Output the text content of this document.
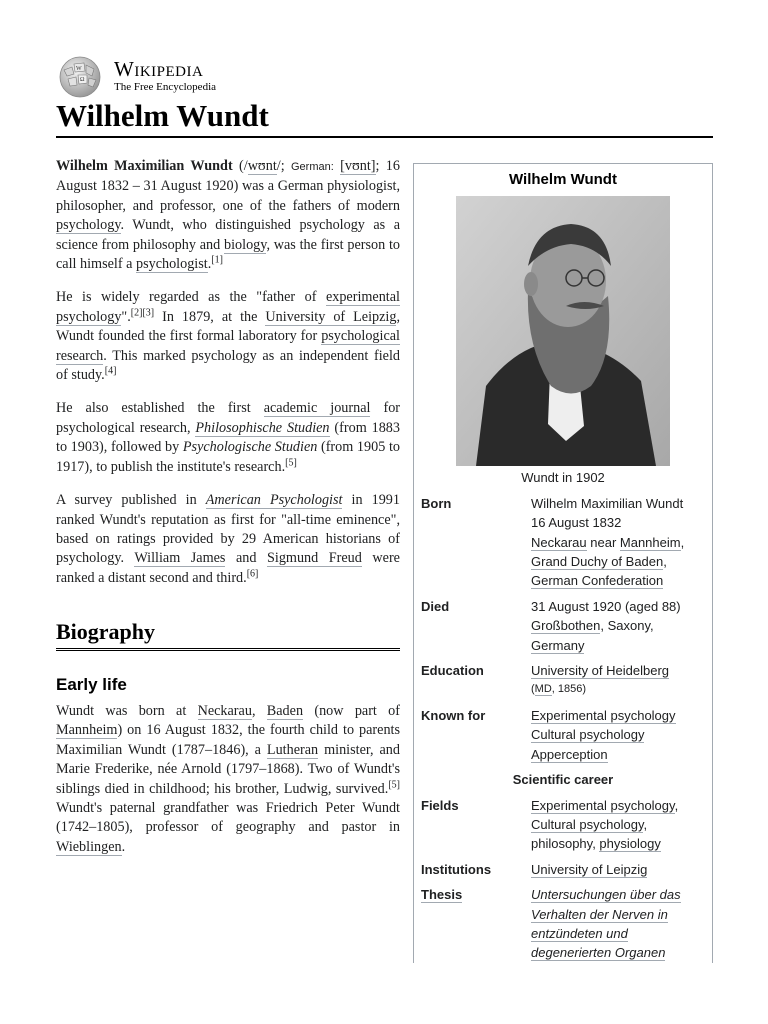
W
Ω Wikipedia
The Free Encyclopedia
Wilhelm Wundt

Wilhelm Maximilian Wundt (/wʊnt/; German: [vʊnt]; 16 August 1832 – 31 August 1920) was a German physiologist, philosopher, and professor, one of the fathers of modern psychology. Wundt, who distinguished psychology as a science from philosophy and biology, was the first person to call himself a psychologist.[1]

He is widely regarded as the "father of experimental psychology".[2][3] In 1879, at the University of Leipzig, Wundt founded the first formal laboratory for psychological research. This marked psychology as an independent field of study.[4]

He also established the first academic journal for psychological research, Philosophische Studien (from 1883 to 1903), followed by Psychologische Studien (from 1905 to 1917), to publish the institute's research.[5]

A survey published in American Psychologist in 1991 ranked Wundt's reputation as first for "all-time eminence", based on ratings provided by 29 American historians of psychology. William James and Sigmund Freud were ranked a distant second and third.[6]

Biography
Early life

Wundt was born at Neckarau, Baden (now part of Mannheim) on 16 August 1832, the fourth child to parents Maximilian Wundt (1787–1846), a Lutheran minister, and Marie Frederike, née Arnold (1797–1868). Two of Wundt's siblings died in childhood; his brother, Ludwig, survived.[5] Wundt's paternal grandfather was Friedrich Peter Wundt (1742–1805), professor of geography and pastor in Wieblingen.

Wilhelm Wundt
Wundt in 1902
Born	Wilhelm Maximilian Wundt
16 August 1832
Neckarau near Mannheim,
Grand Duchy of Baden,
German Confederation
Died	31 August 1920 (aged 88)
Großbothen, Saxony,
Germany
Education	University of Heidelberg
(MD, 1856)
Known for	Experimental psychology
Cultural psychology
Apperception
Scientific career
Fields	Experimental psychology,
Cultural psychology,
philosophy, physiology
Institutions	University of Leipzig
Thesis	Untersuchungen über das
Verhalten der Nerven in
entzündeten und
degenerierten Organen
